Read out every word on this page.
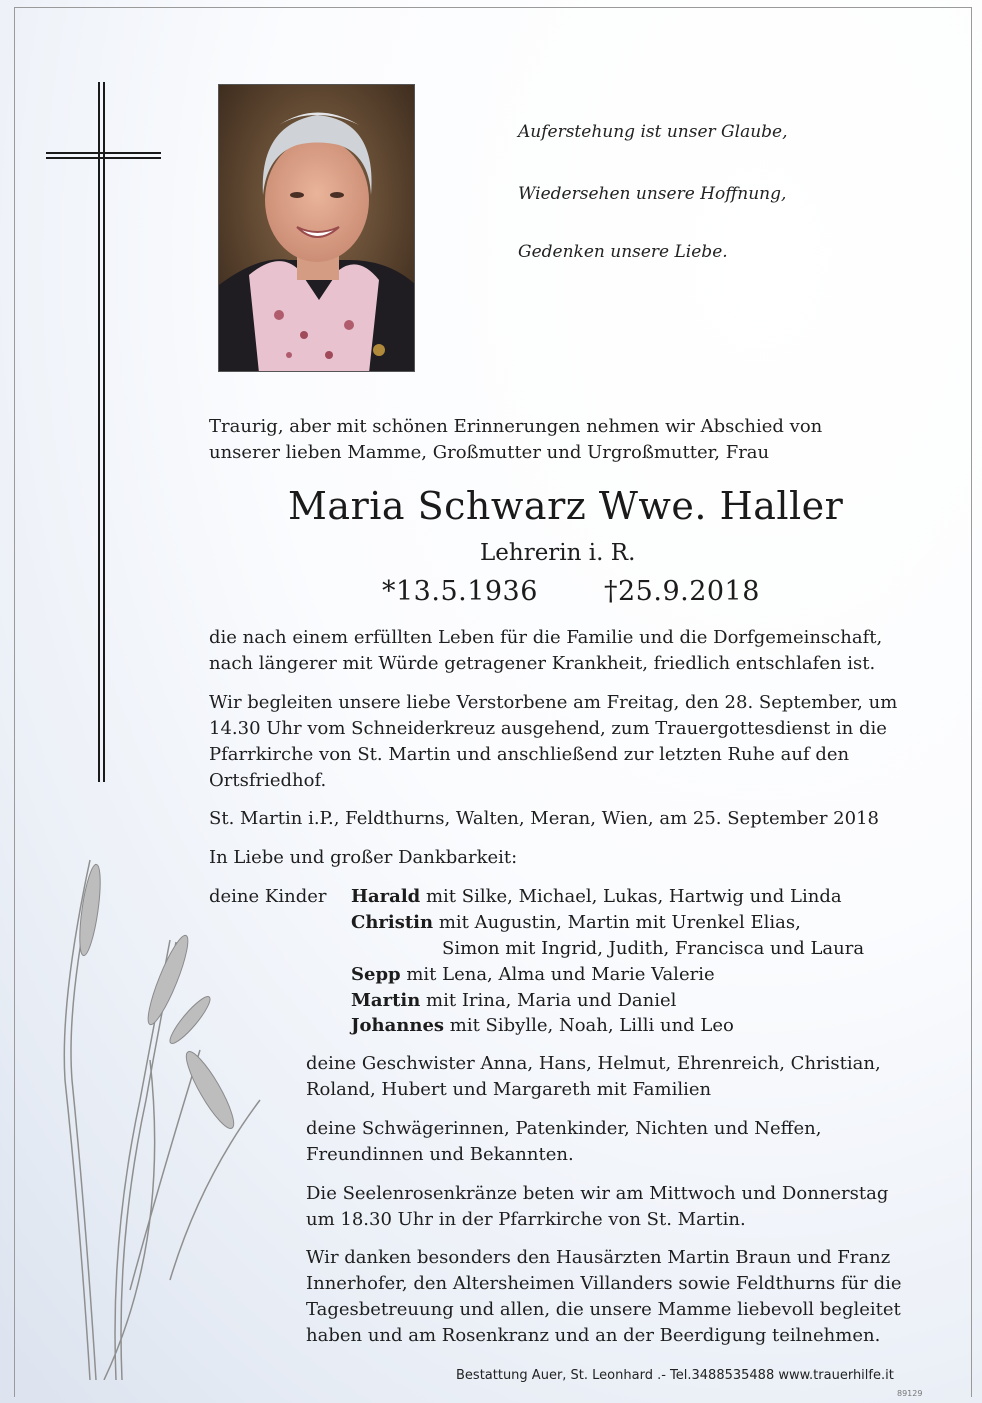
Auferstehung ist unser Glaube,
Wiedersehen unsere Hoffnung,
Gedenken unsere Liebe.
Traurig, aber mit schönen Erinnerungen nehmen wir Abschied von
unserer lieben Mamme, Großmutter und Urgroßmutter, Frau
Maria Schwarz Wwe. Haller
Lehrerin i. R.
*13.5.1936 †25.9.2018
die nach einem erfüllten Leben für die Familie und die Dorfgemeinschaft,
nach längerer mit Würde getragener Krankheit, friedlich entschlafen ist.
Wir begleiten unsere liebe Verstorbene am Freitag, den 28. September, um
14.30 Uhr vom Schneiderkreuz ausgehend, zum Trauergottesdienst in die
Pfarrkirche von St. Martin und anschließend zur letzten Ruhe auf den
Ortsfriedhof.
St. Martin i.P., Feldthurns, Walten, Meran, Wien, am 25. September 2018
In Liebe und großer Dankbarkeit:
deine Kinder Harald mit Silke, Michael, Lukas, Hartwig und Linda
Christin mit Augustin, Martin mit Urenkel Elias,
Simon mit Ingrid, Judith, Francisca und Laura
Sepp mit Lena, Alma und Marie Valerie
Martin mit Irina, Maria und Daniel
Johannes mit Sibylle, Noah, Lilli und Leo
deine Geschwister Anna, Hans, Helmut, Ehrenreich, Christian,
Roland, Hubert und Margareth mit Familien
deine Schwägerinnen, Patenkinder, Nichten und Neffen,
Freundinnen und Bekannten.
Die Seelenrosenkränze beten wir am Mittwoch und Donnerstag
um 18.30 Uhr in der Pfarrkirche von St. Martin.
Wir danken besonders den Hausärzten Martin Braun und Franz
Innerhofer, den Altersheimen Villanders sowie Feldthurns für die
Tagesbetreuung und allen, die unsere Mamme liebevoll begleitet
haben und am Rosenkranz und an der Beerdigung teilnehmen.
Bestattung Auer, St. Leonhard .- Tel.3488535488 www.trauerhilfe.it
89129
